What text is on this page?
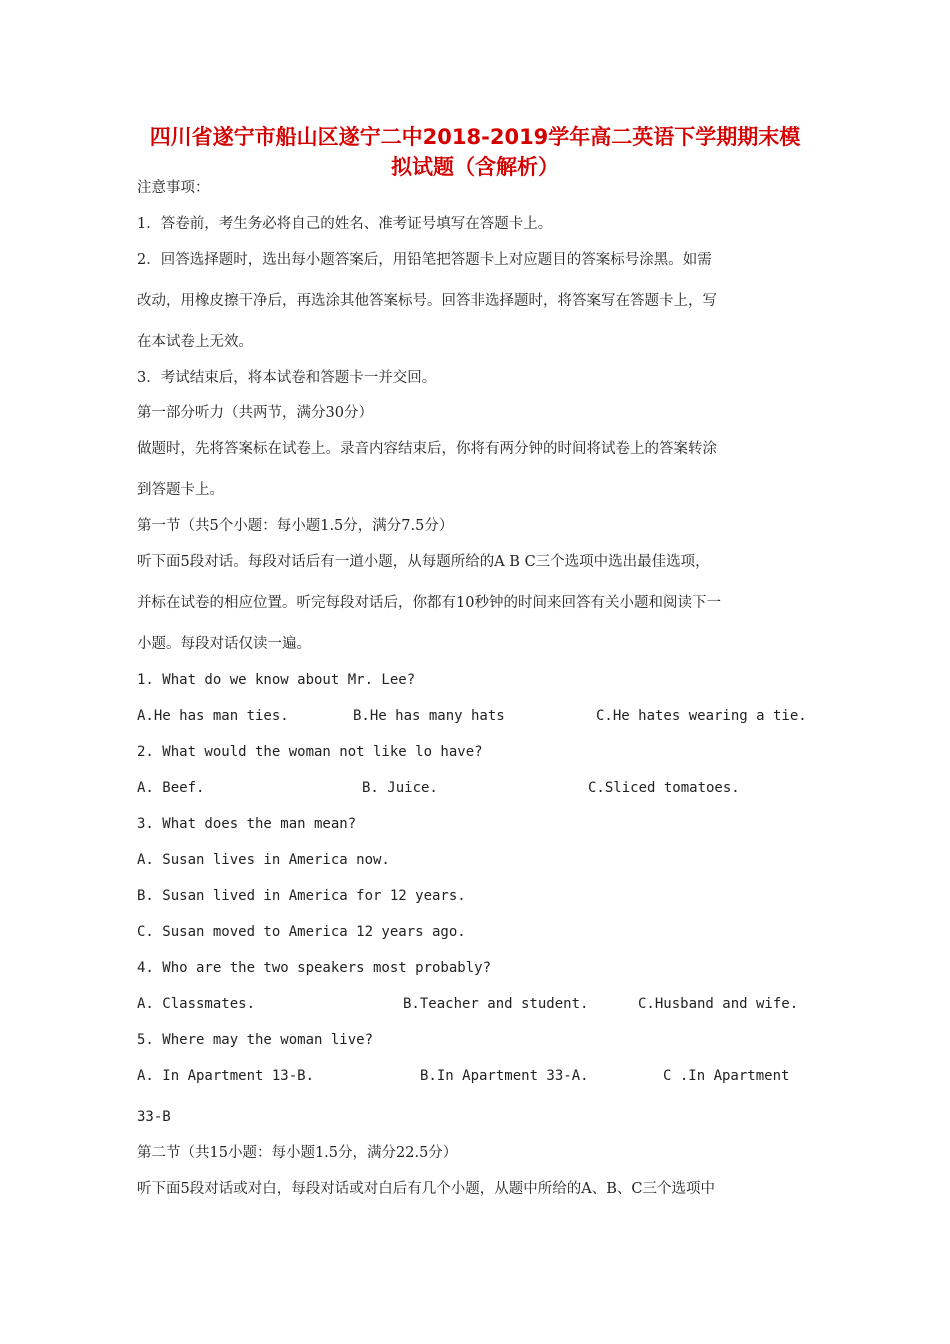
四川省遂宁市船山区遂宁二中2018-2019学年高二英语下学期期末模
拟试题（含解析）
注意事项：
1．答卷前，考生务必将自己的姓名、准考证号填写在答题卡上。
2．回答选择题时，选出每小题答案后，用铅笔把答题卡上对应题目的答案标号涂黑。如需
改动，用橡皮擦干净后，再选涂其他答案标号。回答非选择题时，将答案写在答题卡上，写
在本试卷上无效。
3．考试结束后，将本试卷和答题卡一并交回。
第一部分听力（共两节，满分30分）
做题时，先将答案标在试卷上。录音内容结束后，你将有两分钟的时间将试卷上的答案转涂
到答题卡上。
第一节（共5个小题：每小题1.5分，满分7.5分）
听下面5段对话。每段对话后有一道小题，从每题所给的A B C三个选项中选出最佳选项，
并标在试卷的相应位置。听完每段对话后，你都有10秒钟的时间来回答有关小题和阅读下一
小题。每段对话仅读一遍。
1. What do we know about Mr. Lee?
A.He has man ties.	B.He has many hats	C.He hates wearing a tie.
2. What would the woman not like lo have?
A. Beef.	B. Juice.	C.Sliced tomatoes.
3. What does the man mean?
A. Susan lives in America now.
B. Susan lived in America for 12 years.
C. Susan moved to America 12 years ago.
4. Who are the two speakers most probably?
A. Classmates.	B.Teacher and student.	C.Husband and wife.
5. Where may the woman live?
A. In Apartment 13-B.	B.In Apartment 33-A.	C .In Apartment
33-B
第二节（共15小题：每小题1.5分，满分22.5分）
听下面5段对话或对白，每段对话或对白后有几个小题，从题中所给的A、B、C三个选项中
